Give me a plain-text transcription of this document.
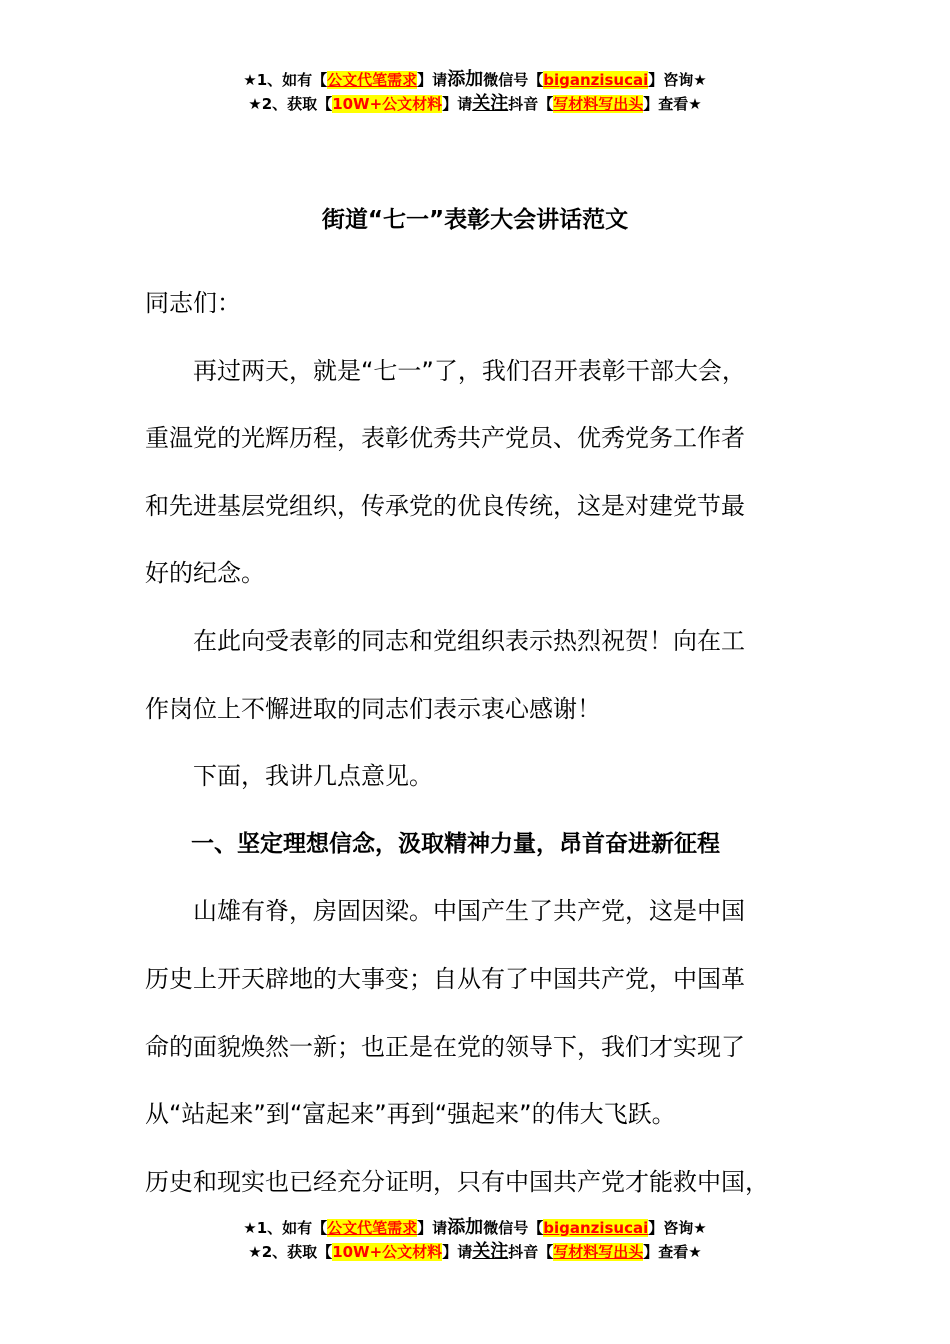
★1、如有【公文代笔需求】请添加微信号【biganzisucai】咨询★
★2、获取【10W+公文材料】请关注抖音【写材料写出头】查看★
街道“七一”表彰大会讲话范文

同志们：

再过两天，就是“七一”了，我们召开表彰干部大会，
重温党的光辉历程，表彰优秀共产党员、优秀党务工作者
和先进基层党组织，传承党的优良传统，这是对建党节最
好的纪念。

在此向受表彰的同志和党组织表示热烈祝贺！向在工
作岗位上不懈进取的同志们表示衷心感谢！

下面，我讲几点意见。

一、坚定理想信念，汲取精神力量，昂首奋进新征程

山雄有脊，房固因梁。中国产生了共产党，这是中国
历史上开天辟地的大事变；自从有了中国共产党，中国革
命的面貌焕然一新；也正是在党的领导下，我们才实现了
从“站起来”到“富起来”再到“强起来”的伟大飞跃。
历史和现实也已经充分证明，只有中国共产党才能救中国，

★1、如有【公文代笔需求】请添加微信号【biganzisucai】咨询★
★2、获取【10W+公文材料】请关注抖音【写材料写出头】查看★
